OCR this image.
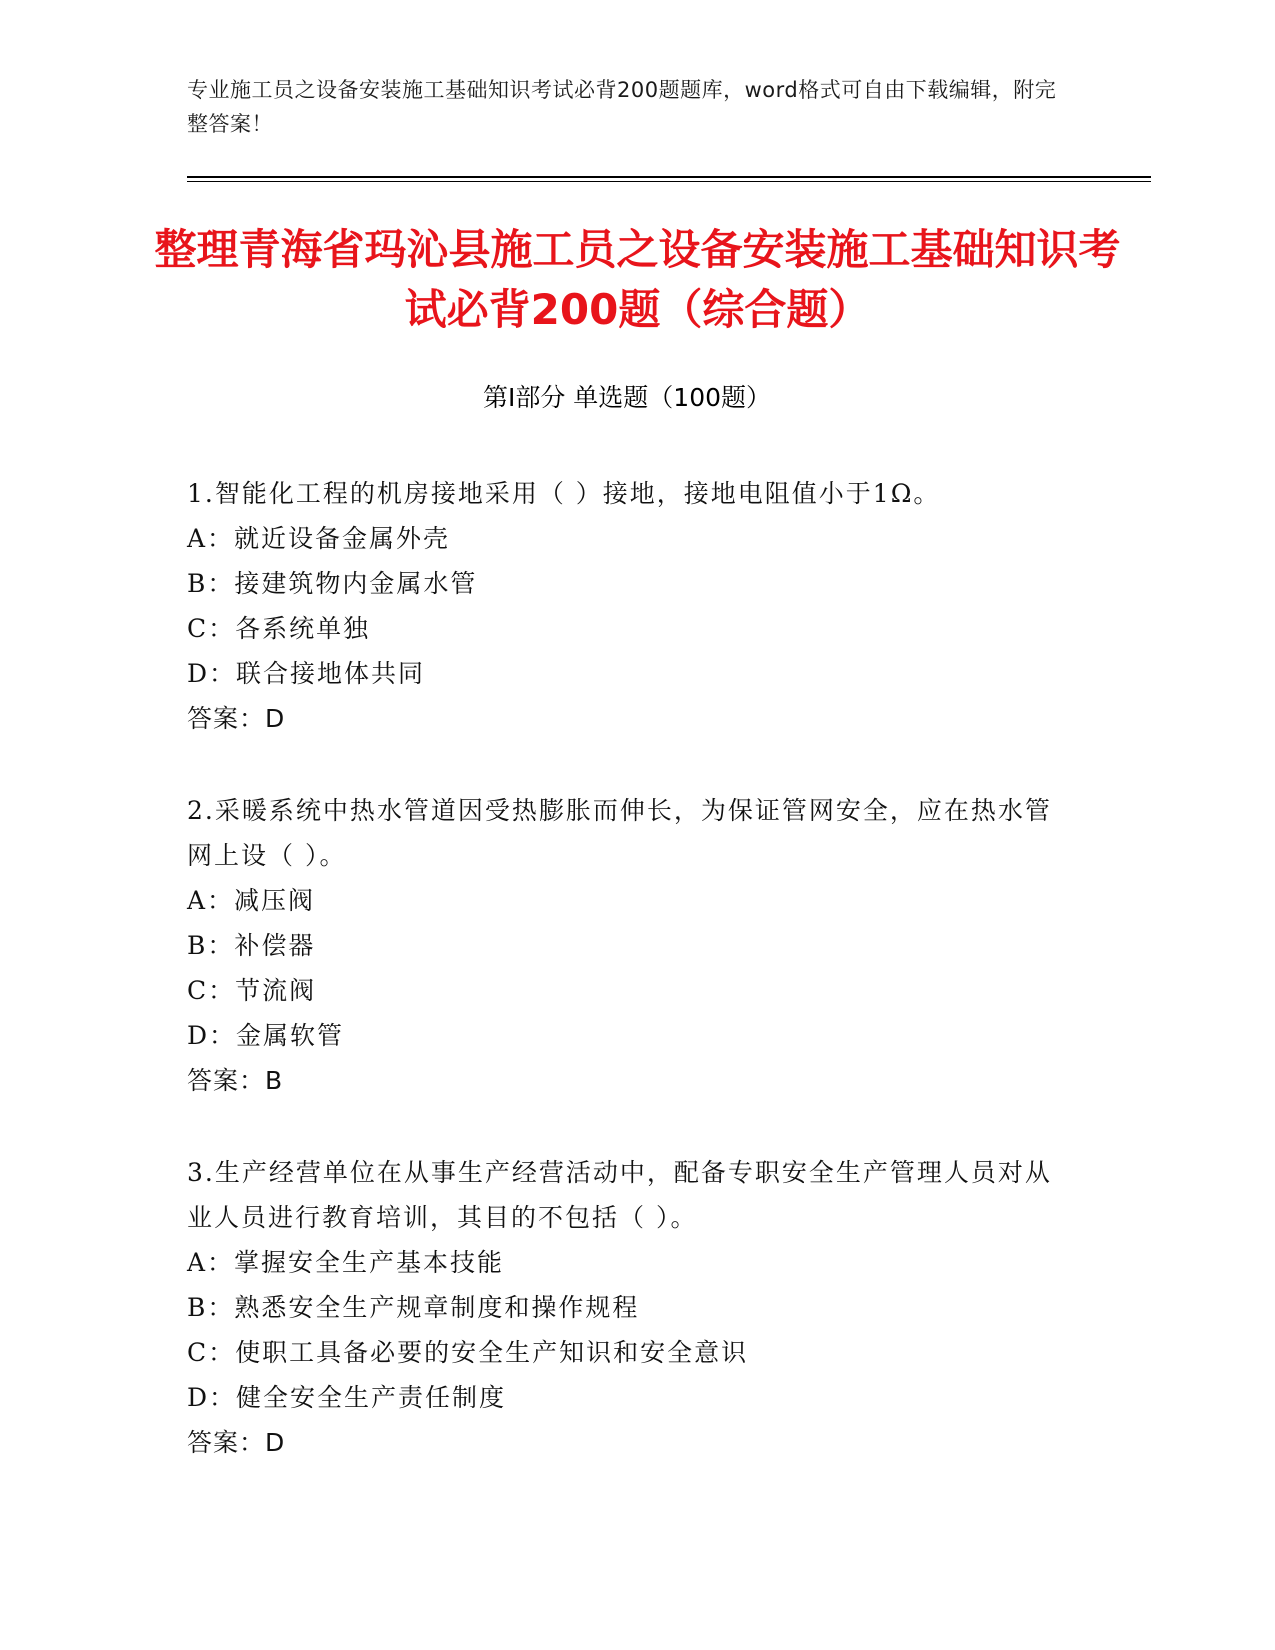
专业施工员之设备安装施工基础知识考试必背200题题库，word格式可自由下载编辑，附完整答案！
整理青海省玛沁县施工员之设备安装施工基础知识考试必背200题（综合题）
第Ⅰ部分 单选题（100题）

1.智能化工程的机房接地采用（ ）接地，接地电阻值小于1Ω。

A：就近设备金属外壳

B：接建筑物内金属水管

C：各系统单独

D：联合接地体共同

答案：D

2.采暖系统中热水管道因受热膨胀而伸长，为保证管网安全，应在热水管网上设（ ）。

A：减压阀

B：补偿器

C：节流阀

D：金属软管

答案：B

3.生产经营单位在从事生产经营活动中，配备专职安全生产管理人员对从业人员进行教育培训，其目的不包括（ ）。

A：掌握安全生产基本技能

B：熟悉安全生产规章制度和操作规程

C：使职工具备必要的安全生产知识和安全意识

D：健全安全生产责任制度

答案：D
